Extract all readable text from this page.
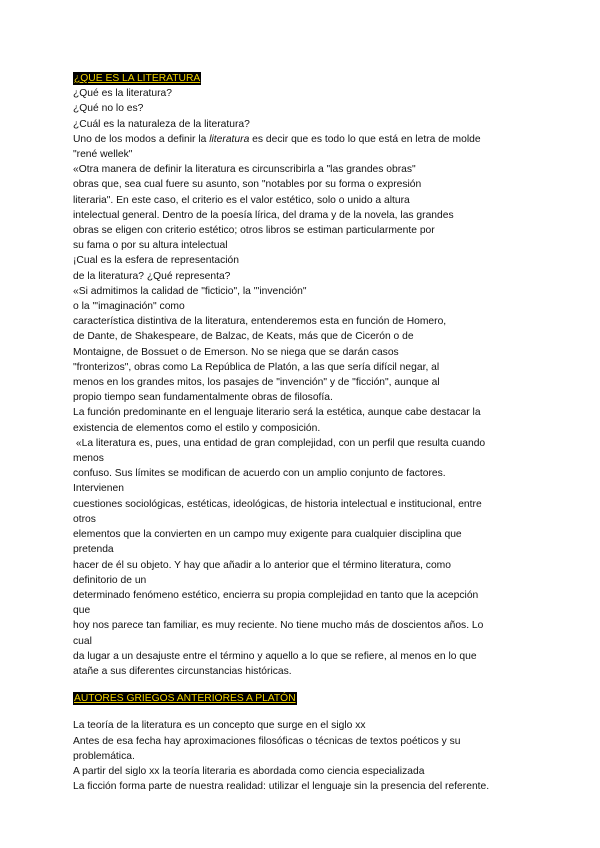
¿QUE ES LA LITERATURA
¿Qué es la literatura?
¿Qué no lo es?
¿Cuál es la naturaleza de la literatura?
Uno de los modos a definir la literatura es decir que es todo lo que está en letra de molde
"rené wellek"
«Otra manera de definir la literatura es circunscribirla a "las grandes obras"
obras que, sea cual fuere su asunto, son "notables por su forma o expresión
literaria". En este caso, el criterio es el valor estético, solo o unido a altura
intelectual general. Dentro de la poesía lírica, del drama y de la novela, las grandes
obras se eligen con criterio estético; otros libros se estiman particularmente por
su fama o por su altura intelectual
¡Cual es la esfera de representación
de la literatura? ¿Qué representa?
«Si admitimos la calidad de "ficticio", la "'invención"
o la "'imaginación" como
característica distintiva de la literatura, entenderemos esta en función de Homero,
de Dante, de Shakespeare, de Balzac, de Keats, más que de Cicerón o de
Montaigne, de Bossuet o de Emerson. No se niega que se darán casos
"fronterizos", obras como La República de Platón, a las que sería difícil negar, al
menos en los grandes mitos, los pasajes de "invención" y de "ficción", aunque al
propio tiempo sean fundamentalmente obras de filosofía.
La función predominante en el lenguaje literario será la estética, aunque cabe destacar la
existencia de elementos como el estilo y composición.
«La literatura es, pues, una entidad de gran complejidad, con un perfil que resulta cuando
menos
confuso. Sus límites se modifican de acuerdo con un amplio conjunto de factores.
Intervienen
cuestiones sociológicas, estéticas, ideológicas, de historia intelectual e institucional, entre
otros
elementos que la convierten en un campo muy exigente para cualquier disciplina que
pretenda
hacer de él su objeto. Y hay que añadir a lo anterior que el término literatura, como
definitorio de un
determinado fenómeno estético, encierra su propia complejidad en tanto que la acepción
que
hoy nos parece tan familiar, es muy reciente. No tiene mucho más de doscientos años. Lo
cual
da lugar a un desajuste entre el término y aquello a lo que se refiere, al menos en lo que
atañe a sus diferentes circunstancias históricas.
AUTORES GRIEGOS ANTERIORES A PLATÓN
La teoría de la literatura es un concepto que surge en el siglo xx
Antes de esa fecha hay aproximaciones filosóficas o técnicas de textos poéticos y su
problemática.
A partir del siglo xx la teoría literaria es abordada como ciencia especializada
La ficción forma parte de nuestra realidad: utilizar el lenguaje sin la presencia del referente.
